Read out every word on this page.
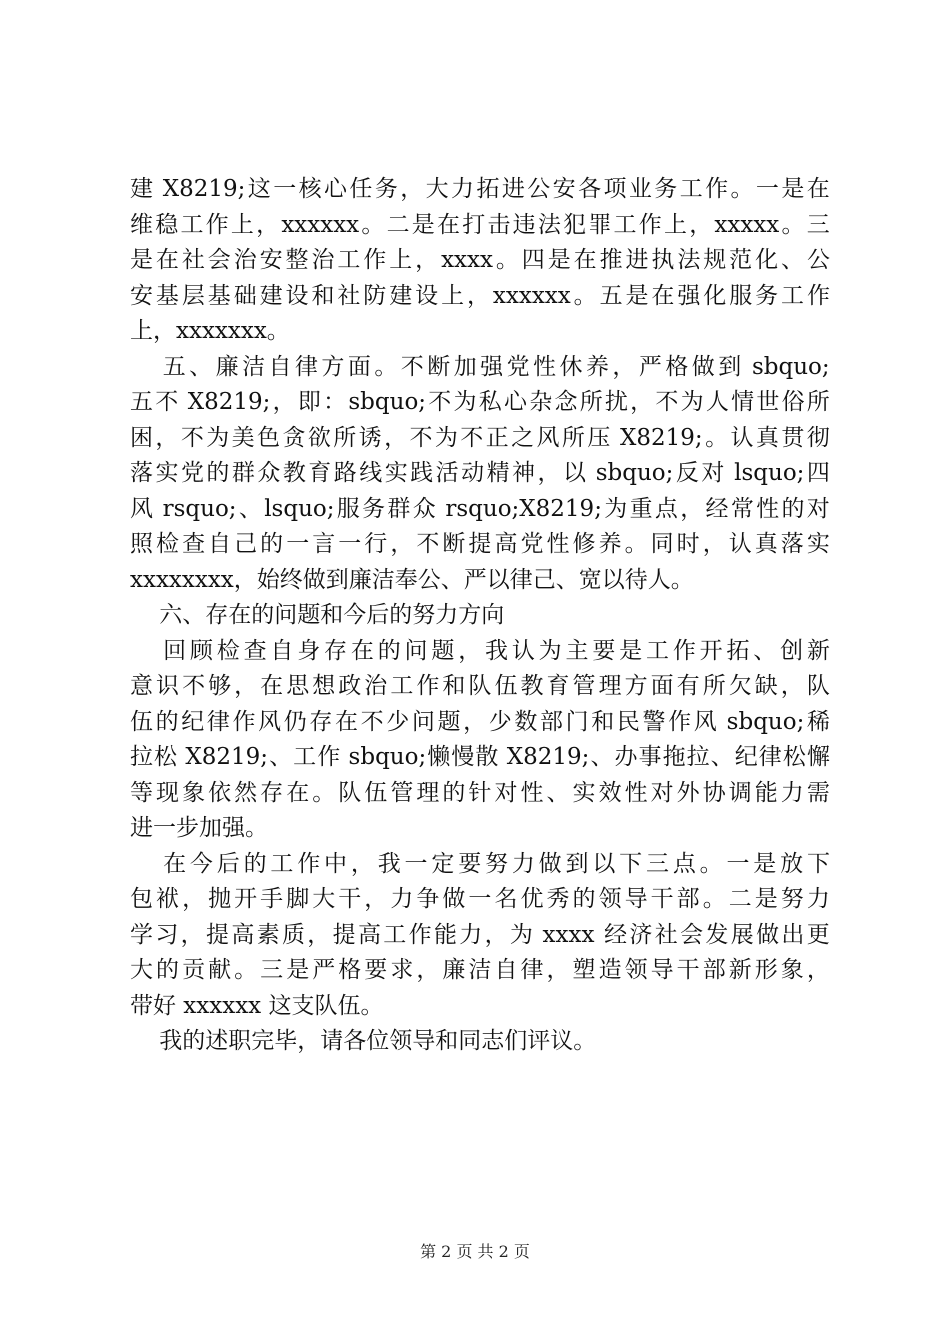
建 X8219; 这 一 核 心 任 务 ， 大 力 拓 进 公 安 各 项 业 务 工 作 。 一 是 在
维 稳 工 作 上 ， xxxxxx 。 二 是 在 打 击 违 法 犯 罪 工 作 上 ， xxxxx 。 三
是 在 社 会 治 安 整 治 工 作 上 ， xxxx 。 四 是 在 推 进 执 法 规 范 化 、 公
安 基 层 基 础 建 设 和 社 防 建 设 上 ， xxxxxx 。 五 是 在 强 化 服 务 工 作
上，xxxxxxx。

五 、 廉 洁 自 律 方 面 。 不 断 加 强 党 性 休 养 ， 严 格 做 到 sbquo;
五 不 X8219; ， 即 ： sbquo; 不 为 私 心 杂 念 所 扰 ， 不 为 人 情 世 俗 所
困 ， 不 为 美 色 贪 欲 所 诱 ， 不 为 不 正 之 风 所 压 X8219; 。 认 真 贯 彻
落 实 党 的 群 众 教 育 路 线 实 践 活 动 精 神 ， 以 sbquo; 反 对 lsquo; 四
风 rsquo; 、 lsquo; 服 务 群 众 rsquo;X8219; 为 重 点 ， 经 常 性 的 对
照 检 查 自 己 的 一 言 一 行 ， 不 断 提 高 党 性 修 养 。 同 时 ， 认 真 落 实
xxxxxxxx，始终做到廉洁奉公、严以律己、宽以待人。
六、存在的问题和今后的努力方向

回 顾 检 查 自 身 存 在 的 问 题 ， 我 认 为 主 要 是 工 作 开 拓 、 创 新
意 识 不 够 ， 在 思 想 政 治 工 作 和 队 伍 教 育 管 理 方 面 有 所 欠 缺 ， 队
伍 的 纪 律 作 风 仍 存 在 不 少 问 题 ， 少 数 部 门 和 民 警 作 风 sbquo; 稀
拉 松 X8219; 、 工 作 sbquo; 懒 慢 散 X8219; 、 办 事 拖 拉 、 纪 律 松 懈
等 现 象 依 然 存 在 。 队 伍 管 理 的 针 对 性 、 实 效 性 对 外 协 调 能 力 需
进一步加强。

在 今 后 的 工 作 中 ， 我 一 定 要 努 力 做 到 以 下 三 点 。 一 是 放 下
包 袱 ， 抛 开 手 脚 大 干 ， 力 争 做 一 名 优 秀 的 领 导 干 部 。 二 是 努 力
学 习 ， 提 高 素 质 ， 提 高 工 作 能 力 ， 为 xxxx 经 济 社 会 发 展 做 出 更
大 的 贡 献 。 三 是 严 格 要 求 ， 廉 洁 自 律 ， 塑 造 领 导 干 部 新 形 象 ，
带好 xxxxxx 这支队伍。
我的述职完毕，请各位领导和同志们评议。
第 2 页 共 2 页
